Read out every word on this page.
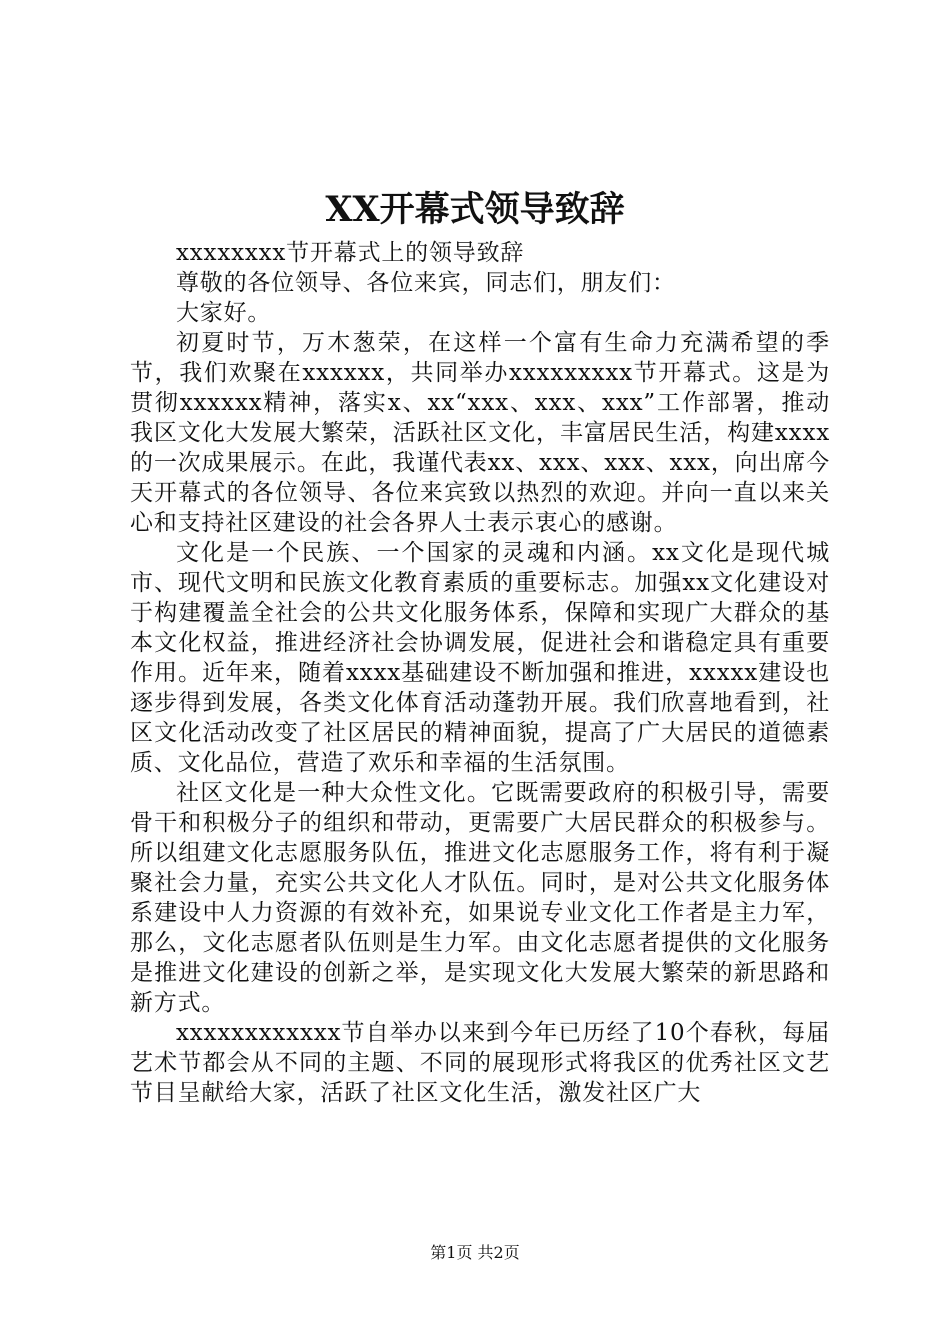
XX开幕式领导致辞

xxxxxxxx节开幕式上的领导致辞

尊敬的各位领导、各位来宾，同志们，朋友们：

大家好。

初夏时节，万木葱荣，在这样一个富有生命力充满希望的季节，我们欢聚在xxxxxx，共同举办xxxxxxxxx节开幕式。这是为贯彻xxxxxx精神，落实x、xx“xxx、xxx、xxx”工作部署，推动我区文化大发展大繁荣，活跃社区文化，丰富居民生活，构建xxxx的一次成果展示。在此，我谨代表xx、xxx、xxx、xxx，向出席今天开幕式的各位领导、各位来宾致以热烈的欢迎。并向一直以来关心和支持社区建设的社会各界人士表示衷心的感谢。

文化是一个民族、一个国家的灵魂和内涵。xx文化是现代城市、现代文明和民族文化教育素质的重要标志。加强xx文化建设对于构建覆盖全社会的公共文化服务体系，保障和实现广大群众的基本文化权益，推进经济社会协调发展，促进社会和谐稳定具有重要作用。近年来，随着xxxx基础建设不断加强和推进，xxxxx建设也逐步得到发展，各类文化体育活动蓬勃开展。我们欣喜地看到，社区文化活动改变了社区居民的精神面貌，提高了广大居民的道德素质、文化品位，营造了欢乐和幸福的生活氛围。

社区文化是一种大众性文化。它既需要政府的积极引导，需要骨干和积极分子的组织和带动，更需要广大居民群众的积极参与。所以组建文化志愿服务队伍，推进文化志愿服务工作，将有利于凝聚社会力量，充实公共文化人才队伍。同时，是对公共文化服务体系建设中人力资源的有效补充，如果说专业文化工作者是主力军，那么，文化志愿者队伍则是生力军。由文化志愿者提供的文化服务是推进文化建设的创新之举，是实现文化大发展大繁荣的新思路和新方式。

xxxxxxxxxxxx节自举办以来到今年已历经了10个春秋，每届艺术节都会从不同的主题、不同的展现形式将我区的优秀社区文艺节目呈献给大家，活跃了社区文化生活，激发社区广大

第1页 共2页
